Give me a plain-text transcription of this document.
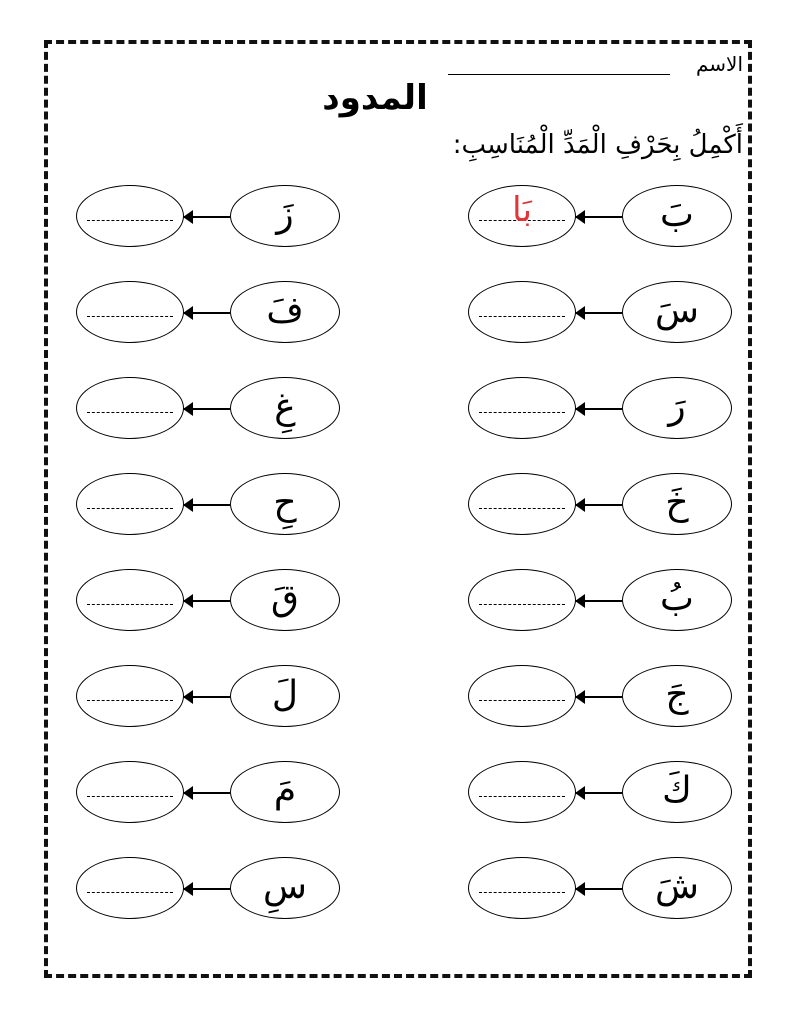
الاسم
المدود
أَكْمِلُ بِحَرْفِ الْمَدِّ الْمُنَاسِبِ:
زَ	بَا	بَ
فَ	سَ
غِ	رَ
حِ	خَ
قَ	بُ
لَ	جَ
مَ	كَ
سِ	شَ
